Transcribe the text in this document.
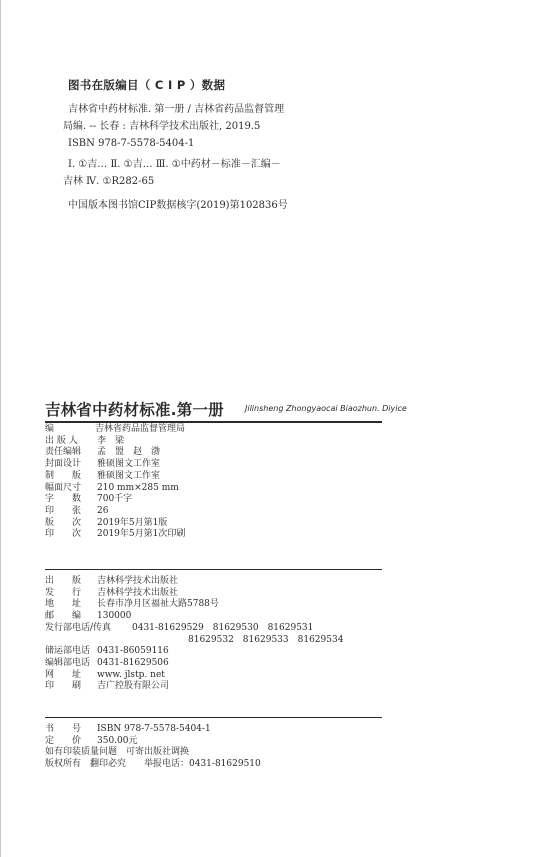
图书在版编目（ C I P ）数据
吉林省中药材标准. 第一册 / 吉林省药品监督管理
局编. -- 长春 : 吉林科学技术出版社, 2019.5
ISBN 978-7-5578-5404-1
Ⅰ. ①吉… Ⅱ. ①吉… Ⅲ. ①中药材－标准－汇编－
吉林 Ⅳ. ①R282-65
中国版本图书馆CIP数据核字(2019)第102836号
吉林省中药材标准.第一册	Jilinsheng Zhongyaocai Biaozhun. Diyice
编　　	吉林省药品监督管理局
出 版 人 李　梁
责任编辑 孟　盟　赵　渤
封面设计 雅硕图文工作室
制　　版 雅硕图文工作室
幅面尺寸 210 mm×285 mm
字　　数 700千字
印　　张 26
版　　次 2019年5月第1版
印　　次 2019年5月第1次印刷
出　　版 吉林科学技术出版社
发　　行 吉林科学技术出版社
地　　址 长春市净月区福祉大路5788号
邮　　编 130000
发行部电话/传真 0431-81629529　81629530　81629531
81629532　81629533　81629534
储运部电话 0431-86059116
编辑部电话 0431-81629506
网　　址 www. jlstp. net
印　　刷 吉广控股有限公司
书　　号 ISBN 978-7-5578-5404-1
定　　价 350.00元
如有印装质量问题　可寄出版社调换
版权所有　翻印必究　　举报电话：0431-81629510
